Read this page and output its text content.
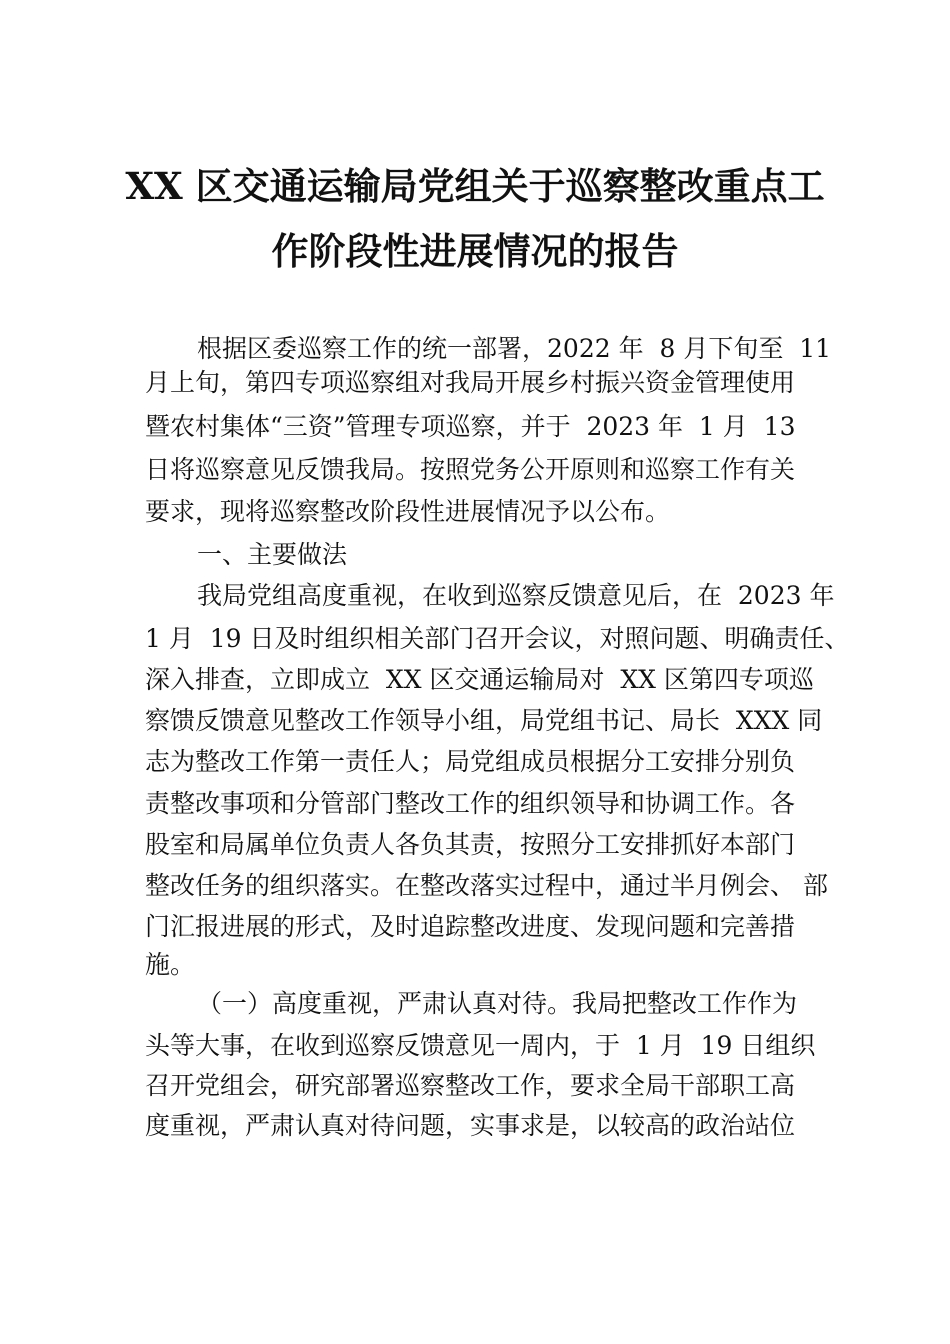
XX 区交通运输局党组关于巡察整改重点工
作阶段性进展情况的报告
根据区委巡察工作的统一部署，2022 年  8 月下旬至  11
月上旬，第四专项巡察组对我局开展乡村振兴资金管理使用
暨农村集体“三资”管理专项巡察，并于  2023 年  1 月  13
日将巡察意见反馈我局。按照党务公开原则和巡察工作有关
要求，现将巡察整改阶段性进展情况予以公布。
一、主要做法
我局党组高度重视，在收到巡察反馈意见后，在  2023 年
1 月  19 日及时组织相关部门召开会议，对照问题、明确责任、
深入排查，立即成立  XX 区交通运输局对  XX 区第四专项巡
察馈反馈意见整改工作领导小组，局党组书记、局长  XXX 同
志为整改工作第一责任人；局党组成员根据分工安排分别负
责整改事项和分管部门整改工作的组织领导和协调工作。各
股室和局属单位负责人各负其责，按照分工安排抓好本部门
整改任务的组织落实。在整改落实过程中，通过半月例会、 部
门汇报进展的形式，及时追踪整改进度、发现问题和完善措
施。
（一）高度重视，严肃认真对待。我局把整改工作作为
头等大事，在收到巡察反馈意见一周内，于  1 月  19 日组织
召开党组会，研究部署巡察整改工作，要求全局干部职工高
度重视，严肃认真对待问题，实事求是，以较高的政治站位
